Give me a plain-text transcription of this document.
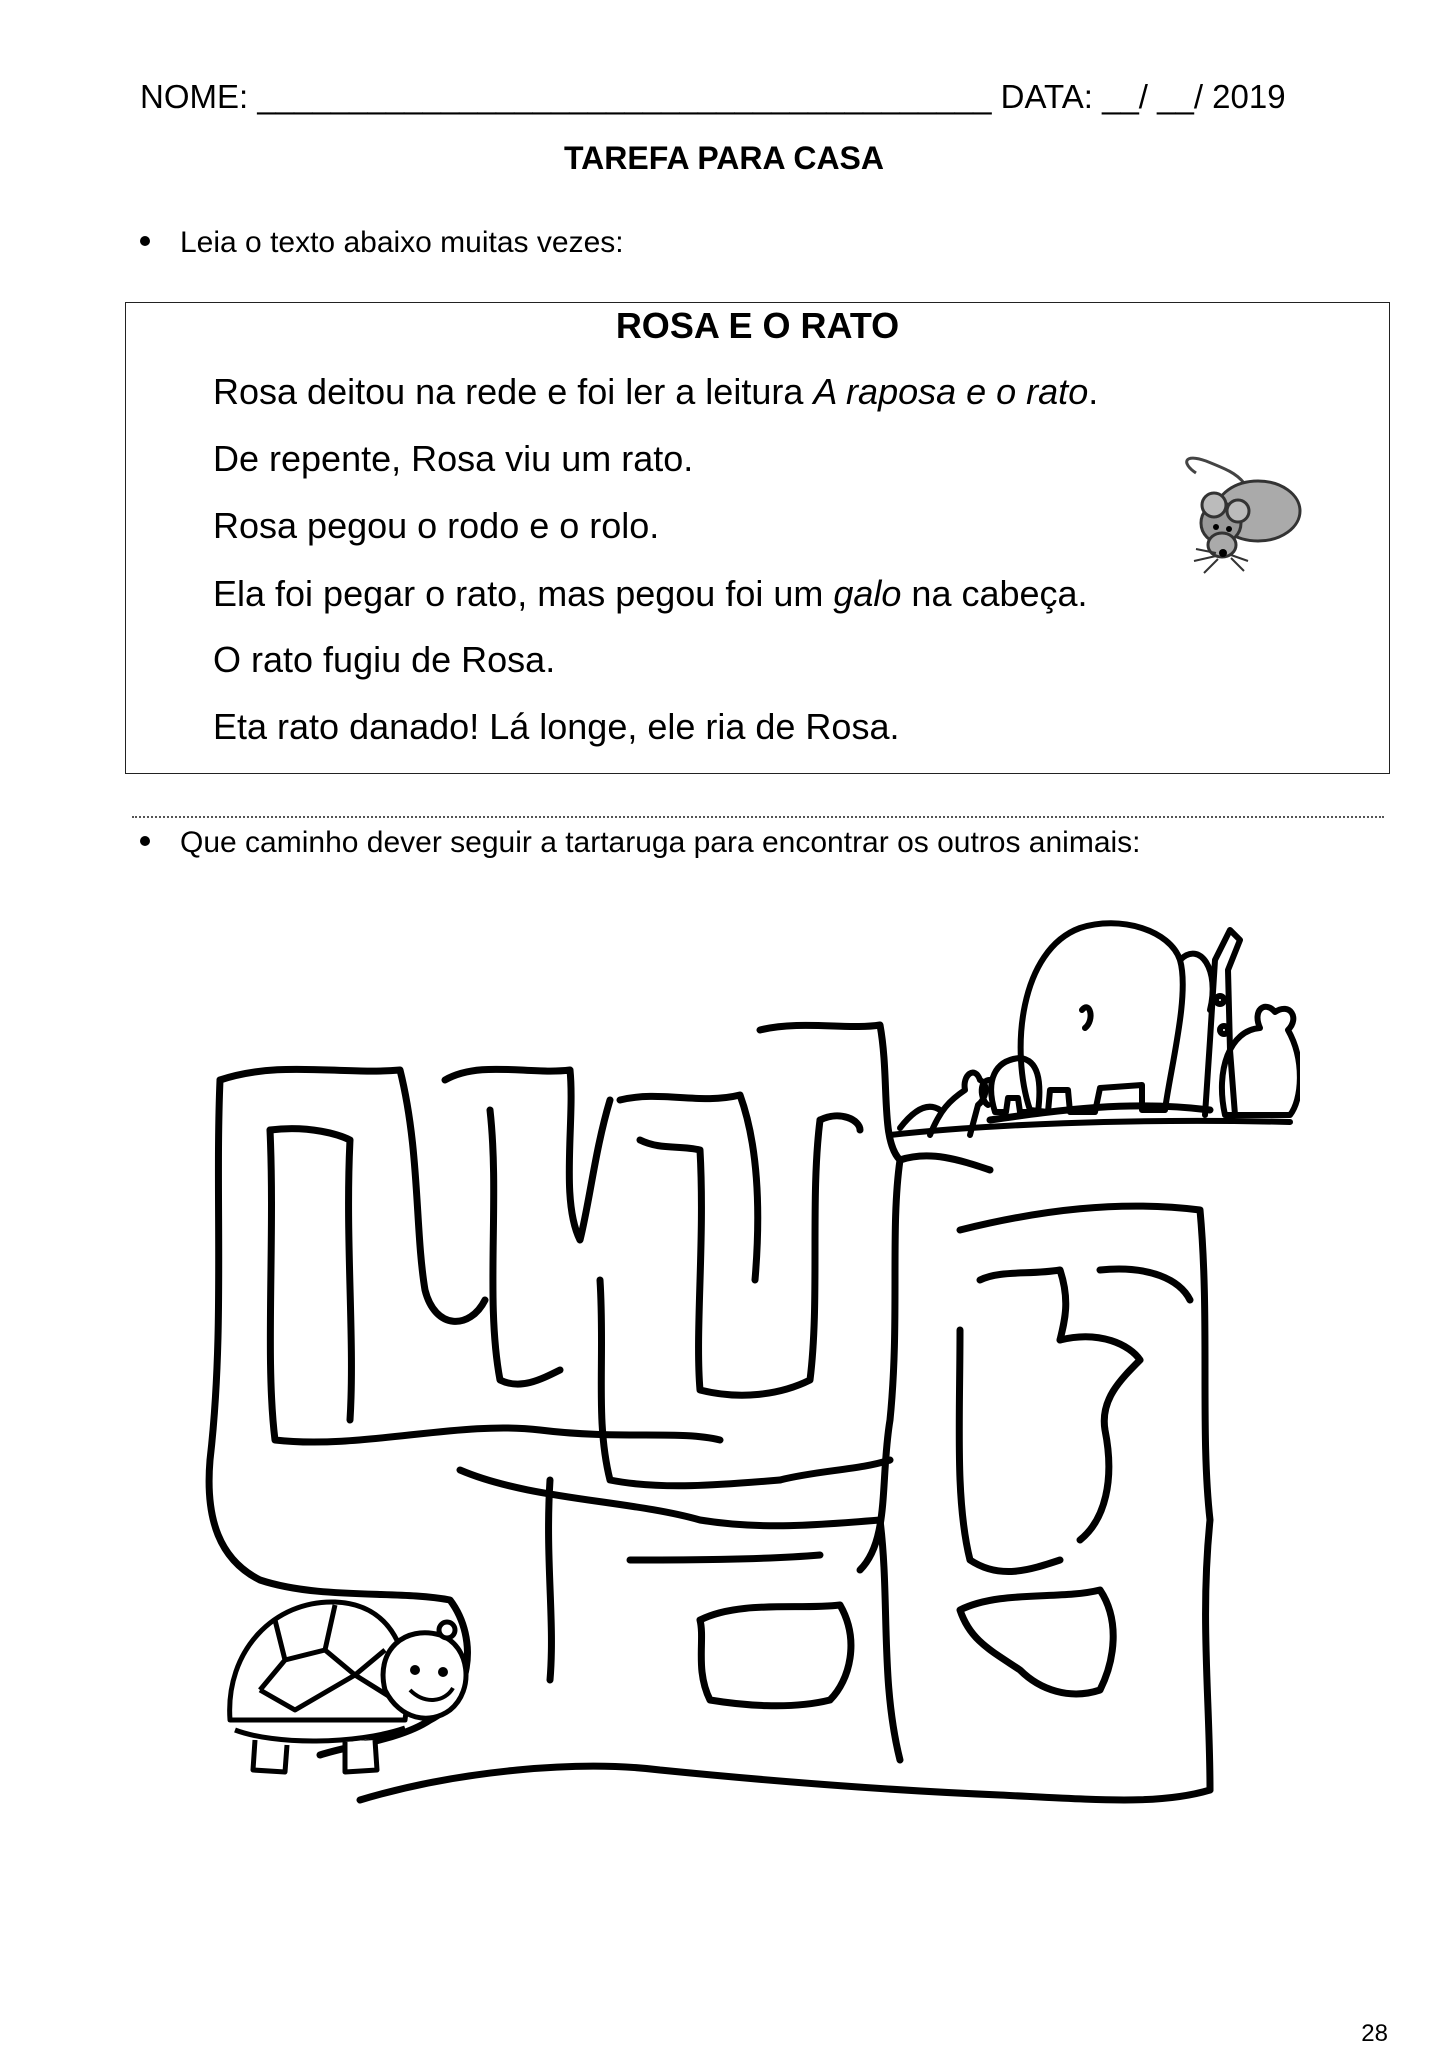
NOME: ________________________________________ DATA: __/ __/ 2019
TAREFA PARA CASA
Leia o texto abaixo muitas vezes:
ROSA E O RATO
Rosa deitou na rede e foi ler a leitura A raposa e o rato.
De repente, Rosa viu um rato.
Rosa pegou o rodo e o rolo.
Ela foi pegar o rato, mas pegou foi um galo na cabeça.
O rato fugiu de Rosa.
Eta rato danado! Lá longe, ele ria de Rosa.
Que caminho dever seguir a tartaruga para encontrar os outros animais:
28
